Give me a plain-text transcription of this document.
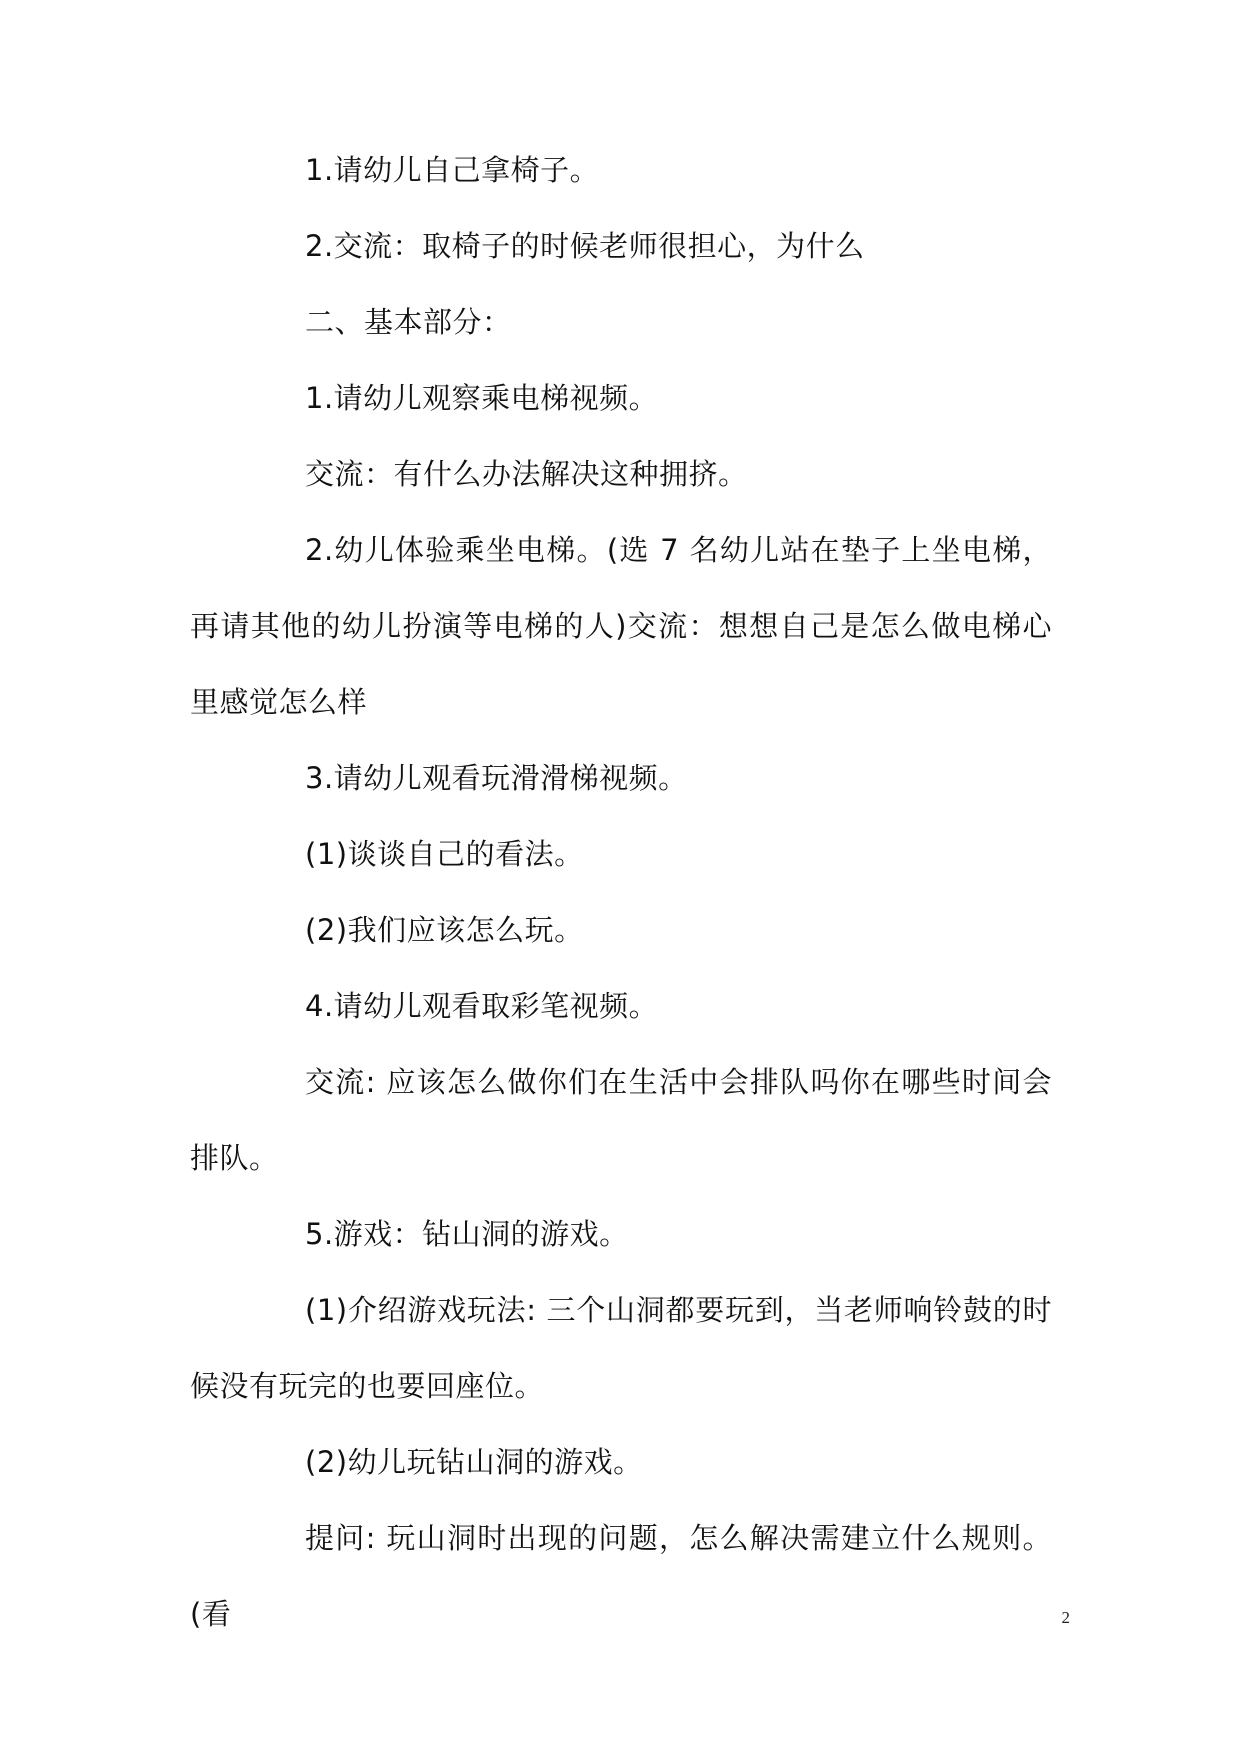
1.请幼儿自己拿椅子。

2.交流：取椅子的时候老师很担心，为什么

二、基本部分：

1.请幼儿观察乘电梯视频。

交流：有什么办法解决这种拥挤。

2.幼儿体验乘坐电梯。(选 7 名幼儿站在垫子上坐电梯，再请其他的幼儿扮演等电梯的人)交流：想想自己是怎么做电梯心里感觉怎么样

3.请幼儿观看玩滑滑梯视频。

(1)谈谈自己的看法。

(2)我们应该怎么玩。

4.请幼儿观看取彩笔视频。

交流: 应该怎么做你们在生活中会排队吗你在哪些时间会排队。

5.游戏：钻山洞的游戏。

(1)介绍游戏玩法: 三个山洞都要玩到，当老师响铃鼓的时候没有玩完的也要回座位。

(2)幼儿玩钻山洞的游戏。

提问: 玩山洞时出现的问题，怎么解决需建立什么规则。(看	2
